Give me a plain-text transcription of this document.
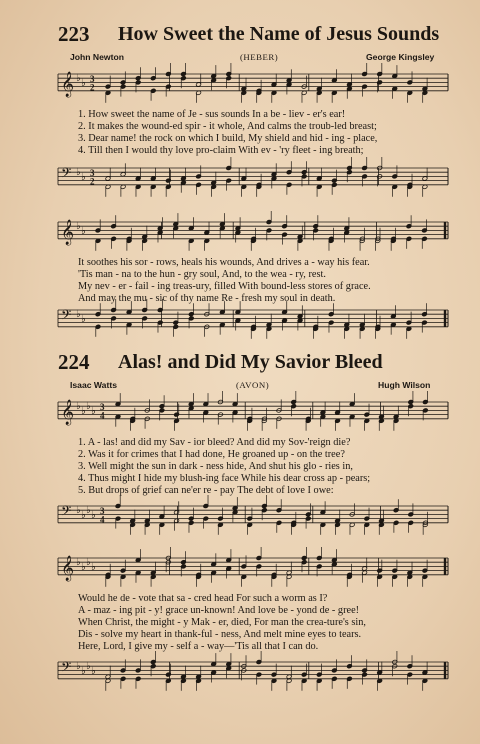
223 How Sweet the Name of Jesus Sounds
John Newton	(HEBER)	George Kingsley
𝄞 ♭ ♭ 3
2
1. How sweet the name of Je - sus sounds In a be - liev - er's ear!
2. It makes the wound-ed spir - it whole, And calms the troub-led breast;
3. Dear name! the rock on which I build, My shield and hid - ing - place,
4. Till then I would thy love pro-claim With ev - 'ry fleet - ing breath;
𝄢 ♭ ♭ 3
2
𝄞 ♭ ♭
It soothes his sor - rows, heals his wounds, And drives a - way his fear.
'Tis man - na to the hun - gry soul, And, to the wea - ry, rest.
My nev - er - fail - ing treas-ury, filled With bound-less stores of grace.
And may the mu - sic of thy name Re - fresh my soul in death.
𝄢 ♭ ♭
224 Alas! and Did My Savior Bleed
Isaac Watts	(AVON)	Hugh Wilson
𝄞 ♭ ♭ ♭ ♭ 3
4
1. A - las! and did my Sav - ior bleed? And did my Sov-'reign die?
2. Was it for crimes that I had done, He groaned up - on the tree?
3. Well might the sun in dark - ness hide, And shut his glo - ries in,
4. Thus might I hide my blush-ing face While his dear cross ap - pears;
5. But drops of grief can ne'er re - pay The debt of love I owe:
𝄢 ♭ ♭ ♭ ♭ 3
4
𝄞 ♭ ♭ ♭ ♭
Would he de - vote that sa - cred head For such a worm as I?
A - maz - ing pit - y! grace un-known! And love be - yond de - gree!
When Christ, the might - y Mak - er, died, For man the crea-ture's sin,
Dis - solve my heart in thank-ful - ness, And melt mine eyes to tears.
Here, Lord, I give my - self a - way—'Tis all that I can do.
𝄢 ♭ ♭ ♭ ♭
